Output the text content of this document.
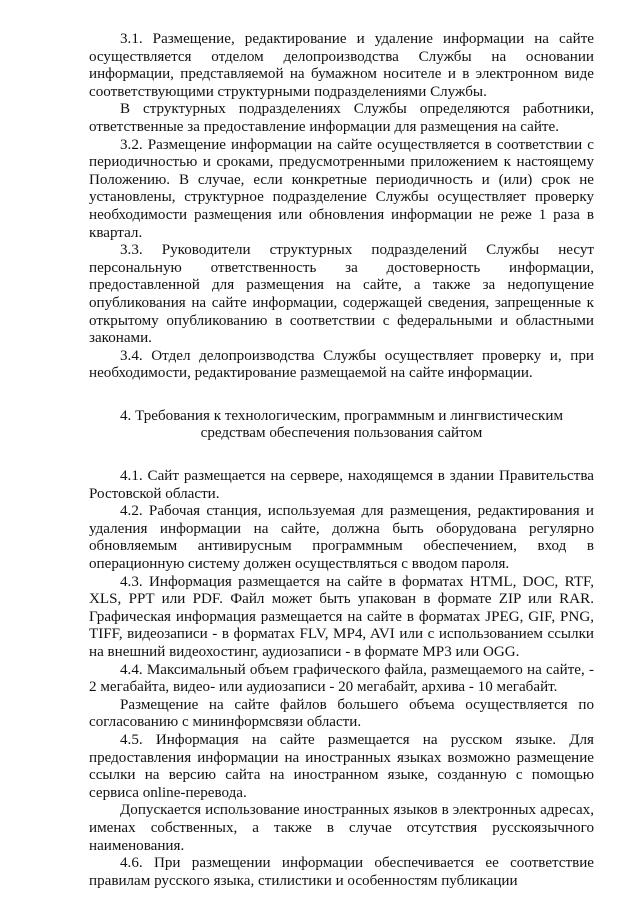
3.1. Размещение, редактирование и удаление информации на сайте осуществляется отделом делопроизводства Службы на основании информации, представляемой на бумажном носителе и в электронном виде соответствующими структурными подразделениями Службы.

В структурных подразделениях Службы определяются работники, ответственные за предоставление информации для размещения на сайте.

3.2. Размещение информации на сайте осуществляется в соответствии с периодичностью и сроками, предусмотренными приложением к настоящему Положению. В случае, если конкретные периодичность и (или) срок не установлены, структурное подразделение Службы осуществляет проверку необходимости размещения или обновления информации не реже 1 раза в квартал.

3.3. Руководители структурных подразделений Службы несут персональную ответственность за достоверность информации, предоставленной для размещения на сайте, а также за недопущение опубликования на сайте информации, содержащей сведения, запрещенные к открытому опубликованию в соответствии с федеральными и областными законами.

3.4. Отдел делопроизводства Службы осуществляет проверку и, при необходимости, редактирование размещаемой на сайте информации.

4. Требования к технологическим, программным и лингвистическим
средствам обеспечения пользования сайтом

4.1. Сайт размещается на сервере, находящемся в здании Правительства Ростовской области.

4.2. Рабочая станция, используемая для размещения, редактирования и удаления информации на сайте, должна быть оборудована регулярно обновляемым антивирусным программным обеспечением, вход в операционную систему должен осуществляться с вводом пароля.

4.3. Информация размещается на сайте в форматах HTML, DOC, RTF, XLS, PPT или PDF. Файл может быть упакован в формате ZIP или RAR. Графическая информация размещается на сайте в форматах JPEG, GIF, PNG, TIFF, видеозаписи - в форматах FLV, MP4, AVI или с использованием ссылки на внешний видеохостинг, аудиозаписи - в формате MP3 или OGG.

4.4. Максимальный объем графического файла, размещаемого на сайте, - 2 мегабайта, видео- или аудиозаписи - 20 мегабайт, архива - 10 мегабайт.

Размещение на сайте файлов большего объема осуществляется по согласованию с мининформсвязи области.

4.5. Информация на сайте размещается на русском языке. Для предоставления информации на иностранных языках возможно размещение ссылки на версию сайта на иностранном языке, созданную с помощью сервиса online-перевода.

Допускается использование иностранных языков в электронных адресах, именах собственных, а также в случае отсутствия русскоязычного наименования.

4.6. При размещении информации обеспечивается ее соответствие правилам русского языка, стилистики и особенностям публикации
